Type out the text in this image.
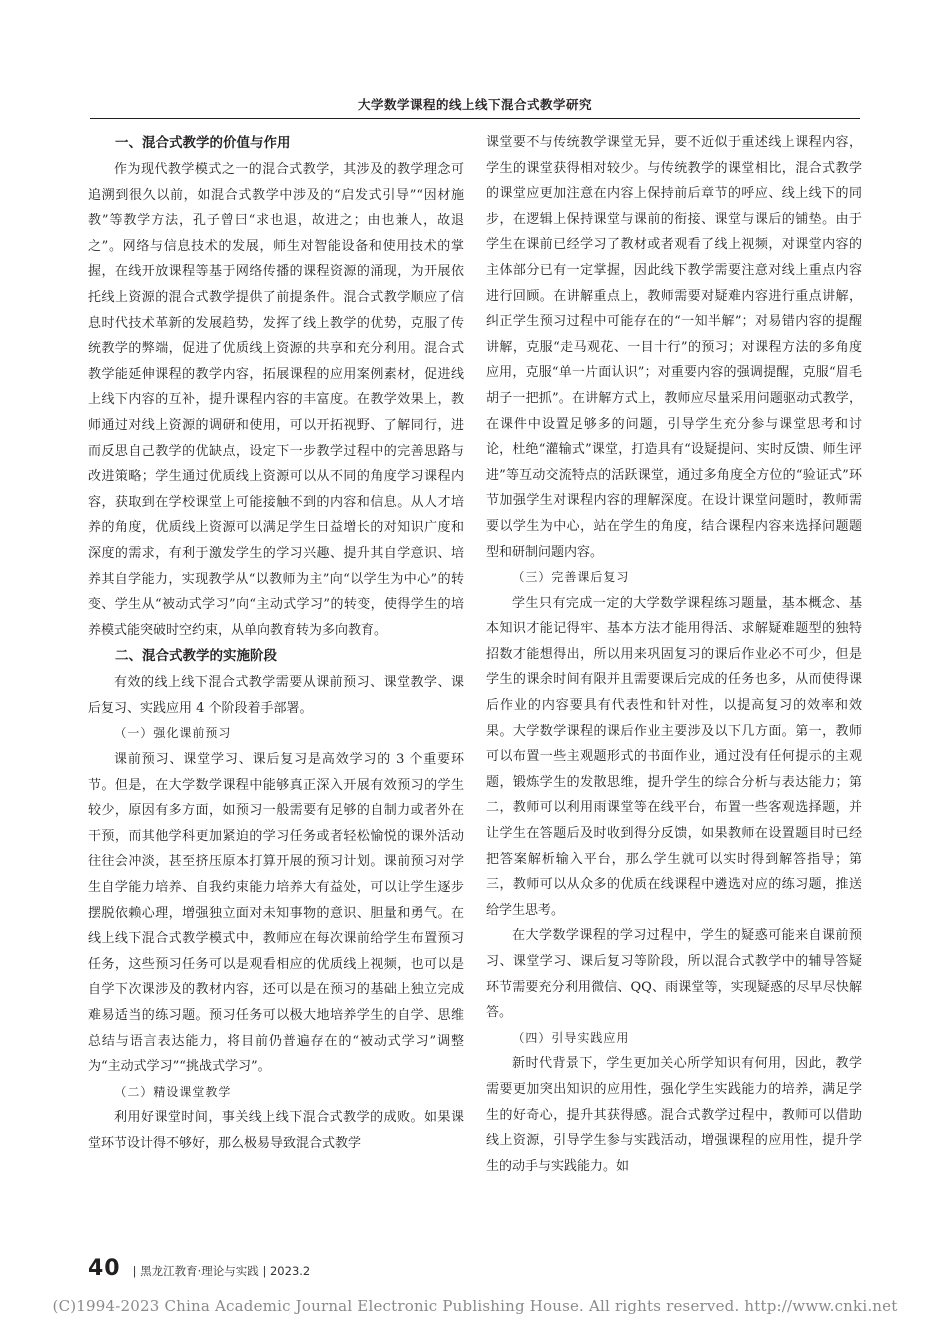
大学数学课程的线上线下混合式教学研究
一、混合式教学的价值与作用

作为现代教学模式之一的混合式教学，其涉及的教学理念可追溯到很久以前，如混合式教学中涉及的“启发式引导”“因材施教”等教学方法，孔子曾曰“求也退，故进之；由也兼人，故退之”。网络与信息技术的发展，师生对智能设备和使用技术的掌握，在线开放课程等基于网络传播的课程资源的涌现，为开展依托线上资源的混合式教学提供了前提条件。混合式教学顺应了信息时代技术革新的发展趋势，发挥了线上教学的优势，克服了传统教学的弊端，促进了优质线上资源的共享和充分利用。混合式教学能延伸课程的教学内容，拓展课程的应用案例素材，促进线上线下内容的互补，提升课程内容的丰富度。在教学效果上，教师通过对线上资源的调研和使用，可以开拓视野、了解同行，进而反思自己教学的优缺点，设定下一步教学过程中的完善思路与改进策略；学生通过优质线上资源可以从不同的角度学习课程内容，获取到在学校课堂上可能接触不到的内容和信息。从人才培养的角度，优质线上资源可以满足学生日益增长的对知识广度和深度的需求，有利于激发学生的学习兴趣、提升其自学意识、培养其自学能力，实现教学从“以教师为主”向“以学生为中心”的转变、学生从“被动式学习”向“主动式学习”的转变，使得学生的培养模式能突破时空约束，从单向教育转为多向教育。

二、混合式教学的实施阶段

有效的线上线下混合式教学需要从课前预习、课堂教学、课后复习、实践应用 4 个阶段着手部署。

（一）强化课前预习

课前预习、课堂学习、课后复习是高效学习的 3 个重要环节。但是，在大学数学课程中能够真正深入开展有效预习的学生较少，原因有多方面，如预习一般需要有足够的自制力或者外在干预，而其他学科更加紧迫的学习任务或者轻松愉悦的课外活动往往会冲淡，甚至挤压原本打算开展的预习计划。课前预习对学生自学能力培养、自我约束能力培养大有益处，可以让学生逐步摆脱依赖心理，增强独立面对未知事物的意识、胆量和勇气。在线上线下混合式教学模式中，教师应在每次课前给学生布置预习任务，这些预习任务可以是观看相应的优质线上视频，也可以是自学下次课涉及的教材内容，还可以是在预习的基础上独立完成难易适当的练习题。预习任务可以极大地培养学生的自学、思维总结与语言表达能力，将目前仍普遍存在的“被动式学习”调整为“主动式学习”“挑战式学习”。

（二）精设课堂教学

利用好课堂时间，事关线上线下混合式教学的成败。如果课堂环节设计得不够好，那么极易导致混合式教学

课堂要不与传统教学课堂无异，要不近似于重述线上课程内容，学生的课堂获得相对较少。与传统教学的课堂相比，混合式教学的课堂应更加注意在内容上保持前后章节的呼应、线上线下的同步，在逻辑上保持课堂与课前的衔接、课堂与课后的铺垫。由于学生在课前已经学习了教材或者观看了线上视频，对课堂内容的主体部分已有一定掌握，因此线下教学需要注意对线上重点内容进行回顾。在讲解重点上，教师需要对疑难内容进行重点讲解，纠正学生预习过程中可能存在的“一知半解”；对易错内容的提醒讲解，克服“走马观花、一目十行”的预习；对课程方法的多角度应用，克服“单一片面认识”；对重要内容的强调提醒，克服“眉毛胡子一把抓”。在讲解方式上，教师应尽量采用问题驱动式教学，在课件中设置足够多的问题，引导学生充分参与课堂思考和讨论，杜绝“灌输式”课堂，打造具有“设疑提问、实时反馈、师生评进”等互动交流特点的活跃课堂，通过多角度全方位的“验证式”环节加强学生对课程内容的理解深度。在设计课堂问题时，教师需要以学生为中心，站在学生的角度，结合课程内容来选择问题题型和研制问题内容。

（三）完善课后复习

学生只有完成一定的大学数学课程练习题量，基本概念、基本知识才能记得牢、基本方法才能用得活、求解疑难题型的独特招数才能想得出，所以用来巩固复习的课后作业必不可少，但是学生的课余时间有限并且需要课后完成的任务也多，从而使得课后作业的内容要具有代表性和针对性，以提高复习的效率和效果。大学数学课程的课后作业主要涉及以下几方面。第一，教师可以布置一些主观题形式的书面作业，通过没有任何提示的主观题，锻炼学生的发散思维，提升学生的综合分析与表达能力；第二，教师可以利用雨课堂等在线平台，布置一些客观选择题，并让学生在答题后及时收到得分反馈，如果教师在设置题目时已经把答案解析输入平台，那么学生就可以实时得到解答指导；第三，教师可以从众多的优质在线课程中遴选对应的练习题，推送给学生思考。

在大学数学课程的学习过程中，学生的疑惑可能来自课前预习、课堂学习、课后复习等阶段，所以混合式教学中的辅导答疑环节需要充分利用微信、QQ、雨课堂等，实现疑惑的尽早尽快解答。

（四）引导实践应用

新时代背景下，学生更加关心所学知识有何用，因此，教学需要更加突出知识的应用性，强化学生实践能力的培养，满足学生的好奇心，提升其获得感。混合式教学过程中，教师可以借助线上资源，引导学生参与实践活动，增强课程的应用性，提升学生的动手与实践能力。如

40 | 黑龙江教育·理论与实践 | 2023.2
(C)1994-2023 China Academic Journal Electronic Publishing House. All rights reserved. http://www.cnki.net
